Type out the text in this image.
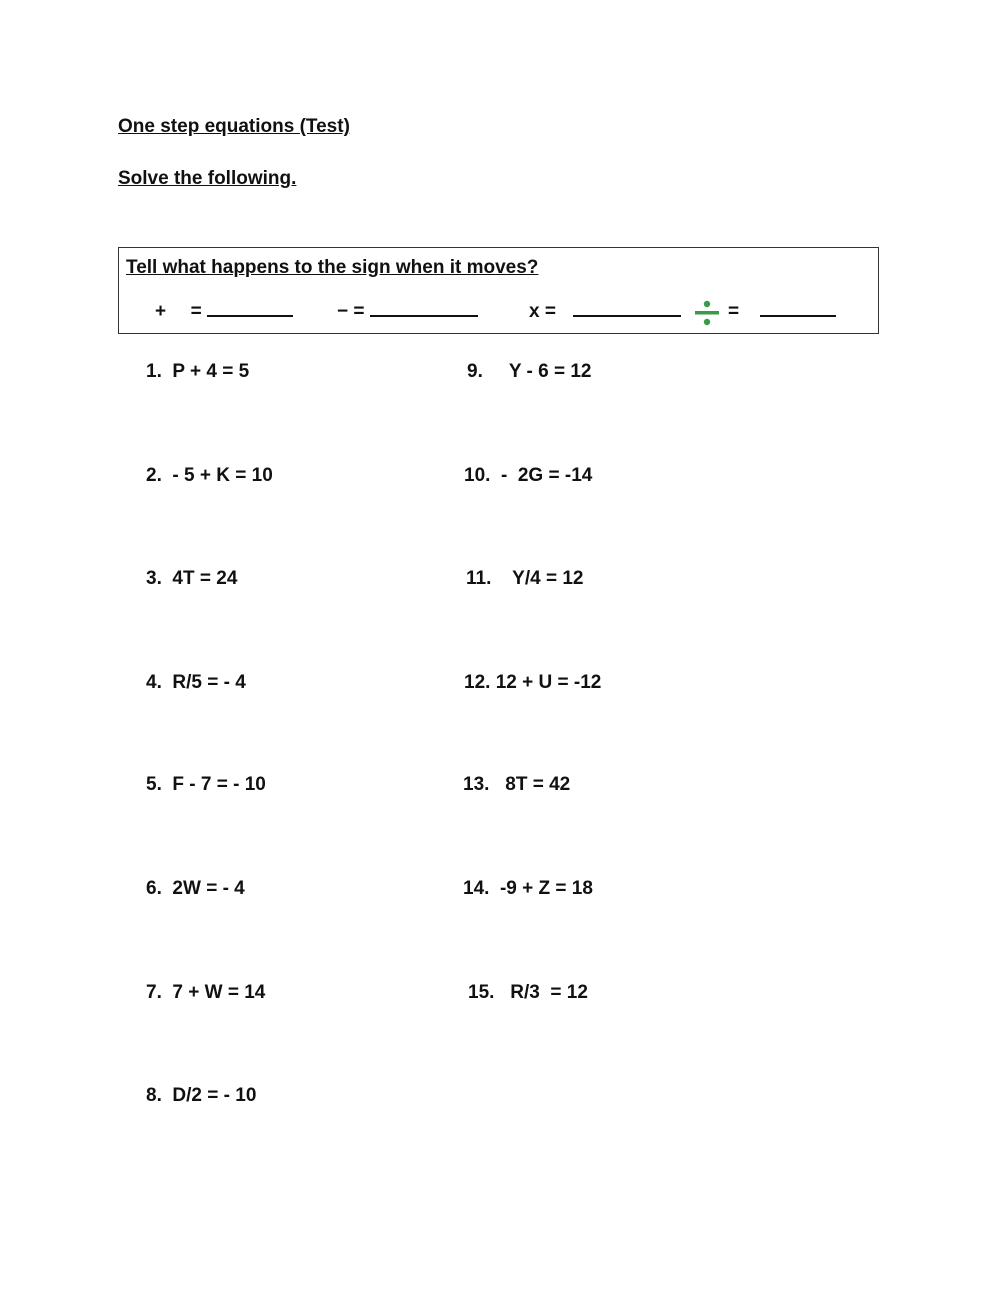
One step equations (Test)
Solve the following.
Tell what happens to the sign when it moves?
+ =	− =	x =	=
1. P + 4 = 5
2. - 5 + K = 10
3. 4T = 24
4. R/5 = - 4
5. F - 7 = - 10
6. 2W = - 4
7. 7 + W = 14
8. D/2 = - 10
9. Y - 6 = 12
10. -  2G = -14
11. Y/4 = 12
12. 12 + U = -12
13. 8T = 42
14. -9 + Z = 18
15. R/3  = 12
